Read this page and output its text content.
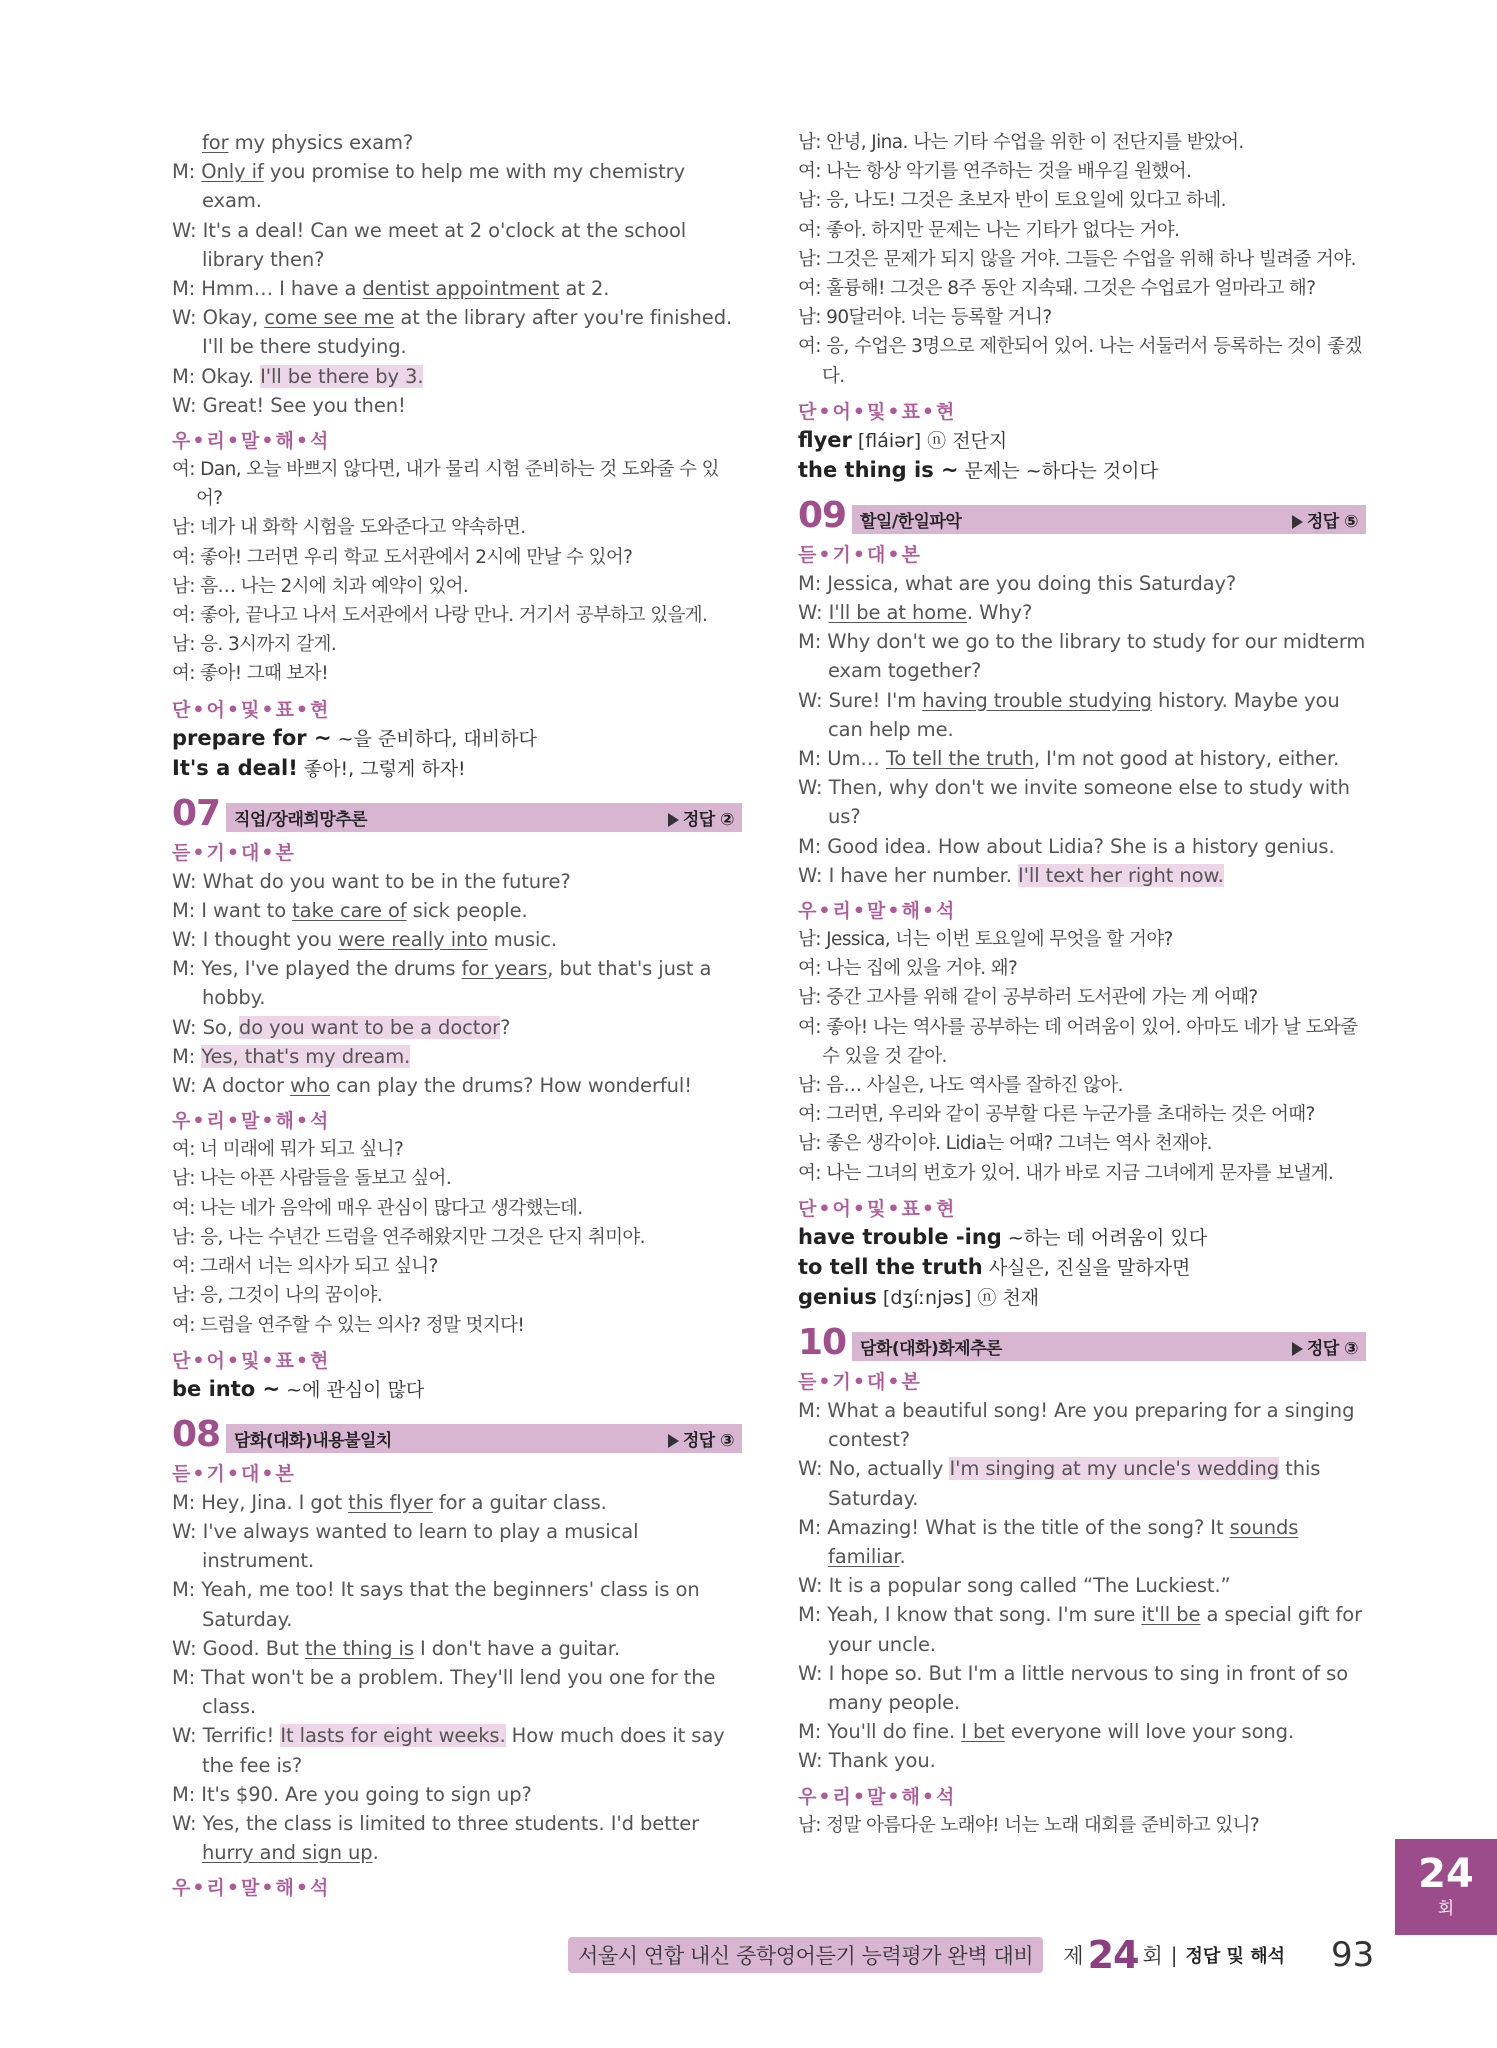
for my physics exam?
M: Only if you promise to help me with my chemistry exam.
W: It's a deal! Can we meet at 2 o'clock at the school library then?
M: Hmm… I have a dentist appointment at 2.
W: Okay, come see me at the library after you're finished. I'll be there studying.
M: Okay. I'll be there by 3.
W: Great! See you then!
우•리•말•해•석
여: Dan, 오늘 바쁘지 않다면, 내가 물리 시험 준비하는 것 도와줄 수 있어?
남: 네가 내 화학 시험을 도와준다고 약속하면.
여: 좋아! 그러면 우리 학교 도서관에서 2시에 만날 수 있어?
남: 흠… 나는 2시에 치과 예약이 있어.
여: 좋아, 끝나고 나서 도서관에서 나랑 만나. 거기서 공부하고 있을게.
남: 응. 3시까지 갈게.
여: 좋아! 그때 보자!
단•어•및•표•현
prepare for ~ ~을 준비하다, 대비하다
It's a deal! 좋아!, 그렇게 하자!
07 직업/장래희망추론	정답 ②
듣•기•대•본
W: What do you want to be in the future?
M: I want to take care of sick people.
W: I thought you were really into music.
M: Yes, I've played the drums for years, but that's just a hobby.
W: So, do you want to be a doctor?
M: Yes, that's my dream.
W: A doctor who can play the drums? How wonderful!
우•리•말•해•석
여: 너 미래에 뭐가 되고 싶니?
남: 나는 아픈 사람들을 돌보고 싶어.
여: 나는 네가 음악에 매우 관심이 많다고 생각했는데.
남: 응, 나는 수년간 드럼을 연주해왔지만 그것은 단지 취미야.
여: 그래서 너는 의사가 되고 싶니?
남: 응, 그것이 나의 꿈이야.
여: 드럼을 연주할 수 있는 의사? 정말 멋지다!
단•어•및•표•현
be into ~ ~에 관심이 많다
08 담화(대화)내용불일치	정답 ③
듣•기•대•본
M: Hey, Jina. I got this flyer for a guitar class.
W: I've always wanted to learn to play a musical instrument.
M: Yeah, me too! It says that the beginners' class is on Saturday.
W: Good. But the thing is I don't have a guitar.
M: That won't be a problem. They'll lend you one for the class.
W: Terrific! It lasts for eight weeks. How much does it say the fee is?
M: It's $90. Are you going to sign up?
W: Yes, the class is limited to three students. I'd better hurry and sign up.
우•리•말•해•석
남: 안녕, Jina. 나는 기타 수업을 위한 이 전단지를 받았어.
여: 나는 항상 악기를 연주하는 것을 배우길 원했어.
남: 응, 나도! 그것은 초보자 반이 토요일에 있다고 하네.
여: 좋아. 하지만 문제는 나는 기타가 없다는 거야.
남: 그것은 문제가 되지 않을 거야. 그들은 수업을 위해 하나 빌려줄 거야.
여: 훌륭해! 그것은 8주 동안 지속돼. 그것은 수업료가 얼마라고 해?
남: 90달러야. 너는 등록할 거니?
여: 응, 수업은 3명으로 제한되어 있어. 나는 서둘러서 등록하는 것이 좋겠다.
단•어•및•표•현
flyer [fláiər] ⓝ 전단지
the thing is ~ 문제는 ~하다는 것이다
09 할일/한일파악	정답 ⑤
듣•기•대•본
M: Jessica, what are you doing this Saturday?
W: I'll be at home. Why?
M: Why don't we go to the library to study for our midterm exam together?
W: Sure! I'm having trouble studying history. Maybe you can help me.
M: Um… To tell the truth, I'm not good at history, either.
W: Then, why don't we invite someone else to study with us?
M: Good idea. How about Lidia? She is a history genius.
W: I have her number. I'll text her right now.
우•리•말•해•석
남: Jessica, 너는 이번 토요일에 무엇을 할 거야?
여: 나는 집에 있을 거야. 왜?
남: 중간 고사를 위해 같이 공부하러 도서관에 가는 게 어때?
여: 좋아! 나는 역사를 공부하는 데 어려움이 있어. 아마도 네가 날 도와줄 수 있을 것 같아.
남: 음… 사실은, 나도 역사를 잘하진 않아.
여: 그러면, 우리와 같이 공부할 다른 누군가를 초대하는 것은 어때?
남: 좋은 생각이야. Lidia는 어때? 그녀는 역사 천재야.
여: 나는 그녀의 번호가 있어. 내가 바로 지금 그녀에게 문자를 보낼게.
단•어•및•표•현
have trouble -ing ~하는 데 어려움이 있다
to tell the truth 사실은, 진실을 말하자면
genius [dʒíːnjəs] ⓝ 천재
10 담화(대화)화제추론	정답 ③
듣•기•대•본
M: What a beautiful song! Are you preparing for a singing contest?
W: No, actually I'm singing at my uncle's wedding this Saturday.
M: Amazing! What is the title of the song? It sounds familiar.
W: It is a popular song called “The Luckiest.”
M: Yeah, I know that song. I'm sure it'll be a special gift for your uncle.
W: I hope so. But I'm a little nervous to sing in front of so many people.
M: You'll do fine. I bet everyone will love your song.
W: Thank you.
우•리•말•해•석
남: 정말 아름다운 노래야! 너는 노래 대회를 준비하고 있니?
서울시 연합 내신 중학영어듣기 능력평가 완벽 대비	제 24 회 | 정답 및 해석 93
24
회
